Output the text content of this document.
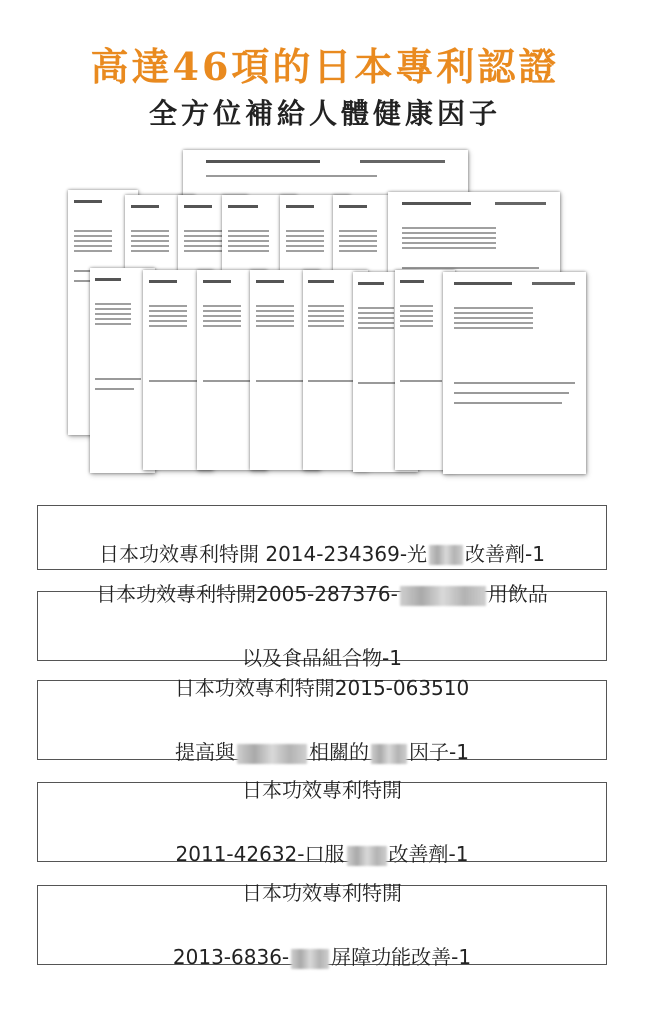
高達46項的日本專利認證
全方位補給人體健康因子

日本功效專利特開 2014-234369-光 改善劑-1

日本功效專利特開2005-287376-	用飲品

以及食品組合物-1

日本功效專利特開2015-063510

提高與	相關的 因子-1

日本功效專利特開

2011-42632-口服 改善劑-1

日本功效專利特開

2013-6836- 屏障功能改善-1
